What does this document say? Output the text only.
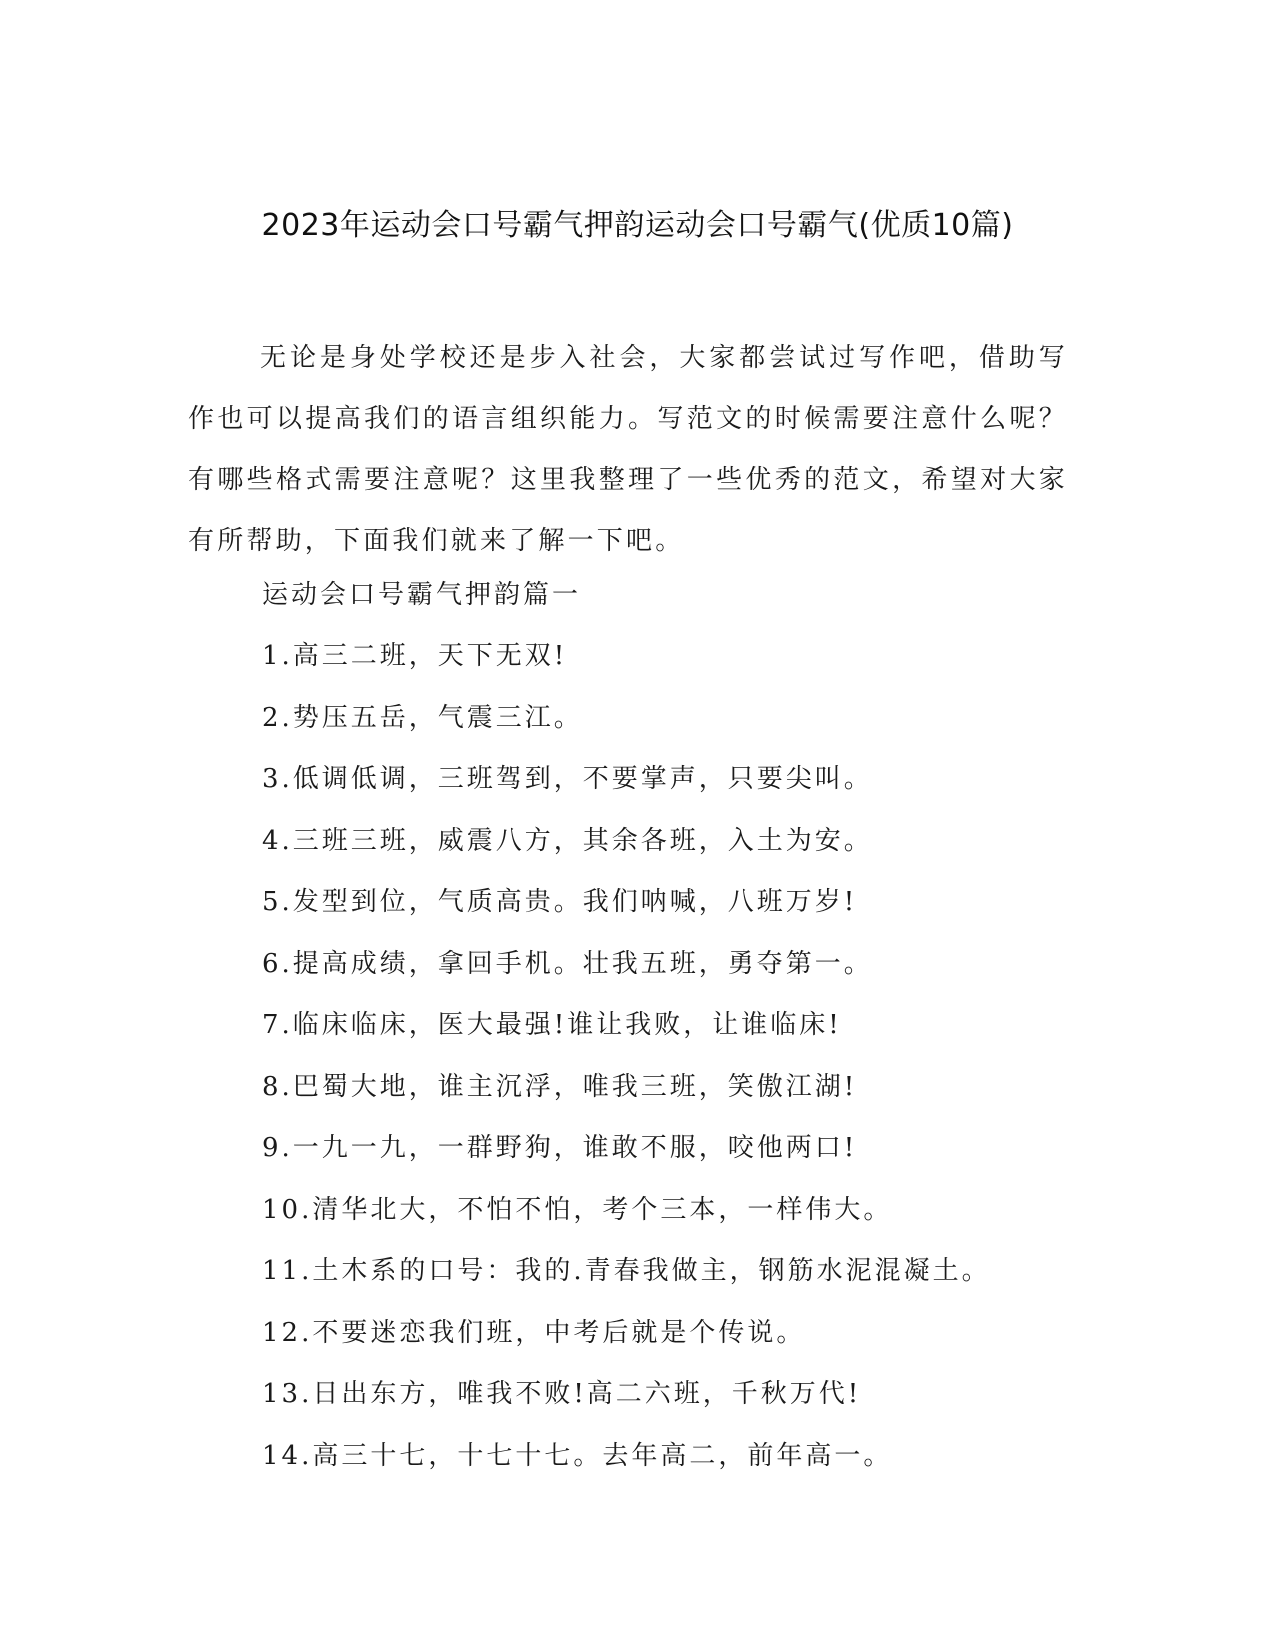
2023年运动会口号霸气押韵运动会口号霸气(优质10篇)

无论是身处学校还是步入社会，大家都尝试过写作吧，借助写作也可以提高我们的语言组织能力。写范文的时候需要注意什么呢？有哪些格式需要注意呢？这里我整理了一些优秀的范文，希望对大家有所帮助，下面我们就来了解一下吧。

运动会口号霸气押韵篇一
1.高三二班，天下无双!
2.势压五岳，气震三江。
3.低调低调，三班驾到，不要掌声，只要尖叫。
4.三班三班，威震八方，其余各班，入土为安。
5.发型到位，气质高贵。我们呐喊，八班万岁!
6.提高成绩，拿回手机。壮我五班，勇夺第一。
7.临床临床，医大最强!谁让我败，让谁临床!
8.巴蜀大地，谁主沉浮，唯我三班，笑傲江湖!
9.一九一九，一群野狗，谁敢不服，咬他两口!
10.清华北大，不怕不怕，考个三本，一样伟大。
11.土木系的口号：我的.青春我做主，钢筋水泥混凝土。
12.不要迷恋我们班，中考后就是个传说。
13.日出东方，唯我不败!高二六班，千秋万代!
14.高三十七，十七十七。去年高二，前年高一。
